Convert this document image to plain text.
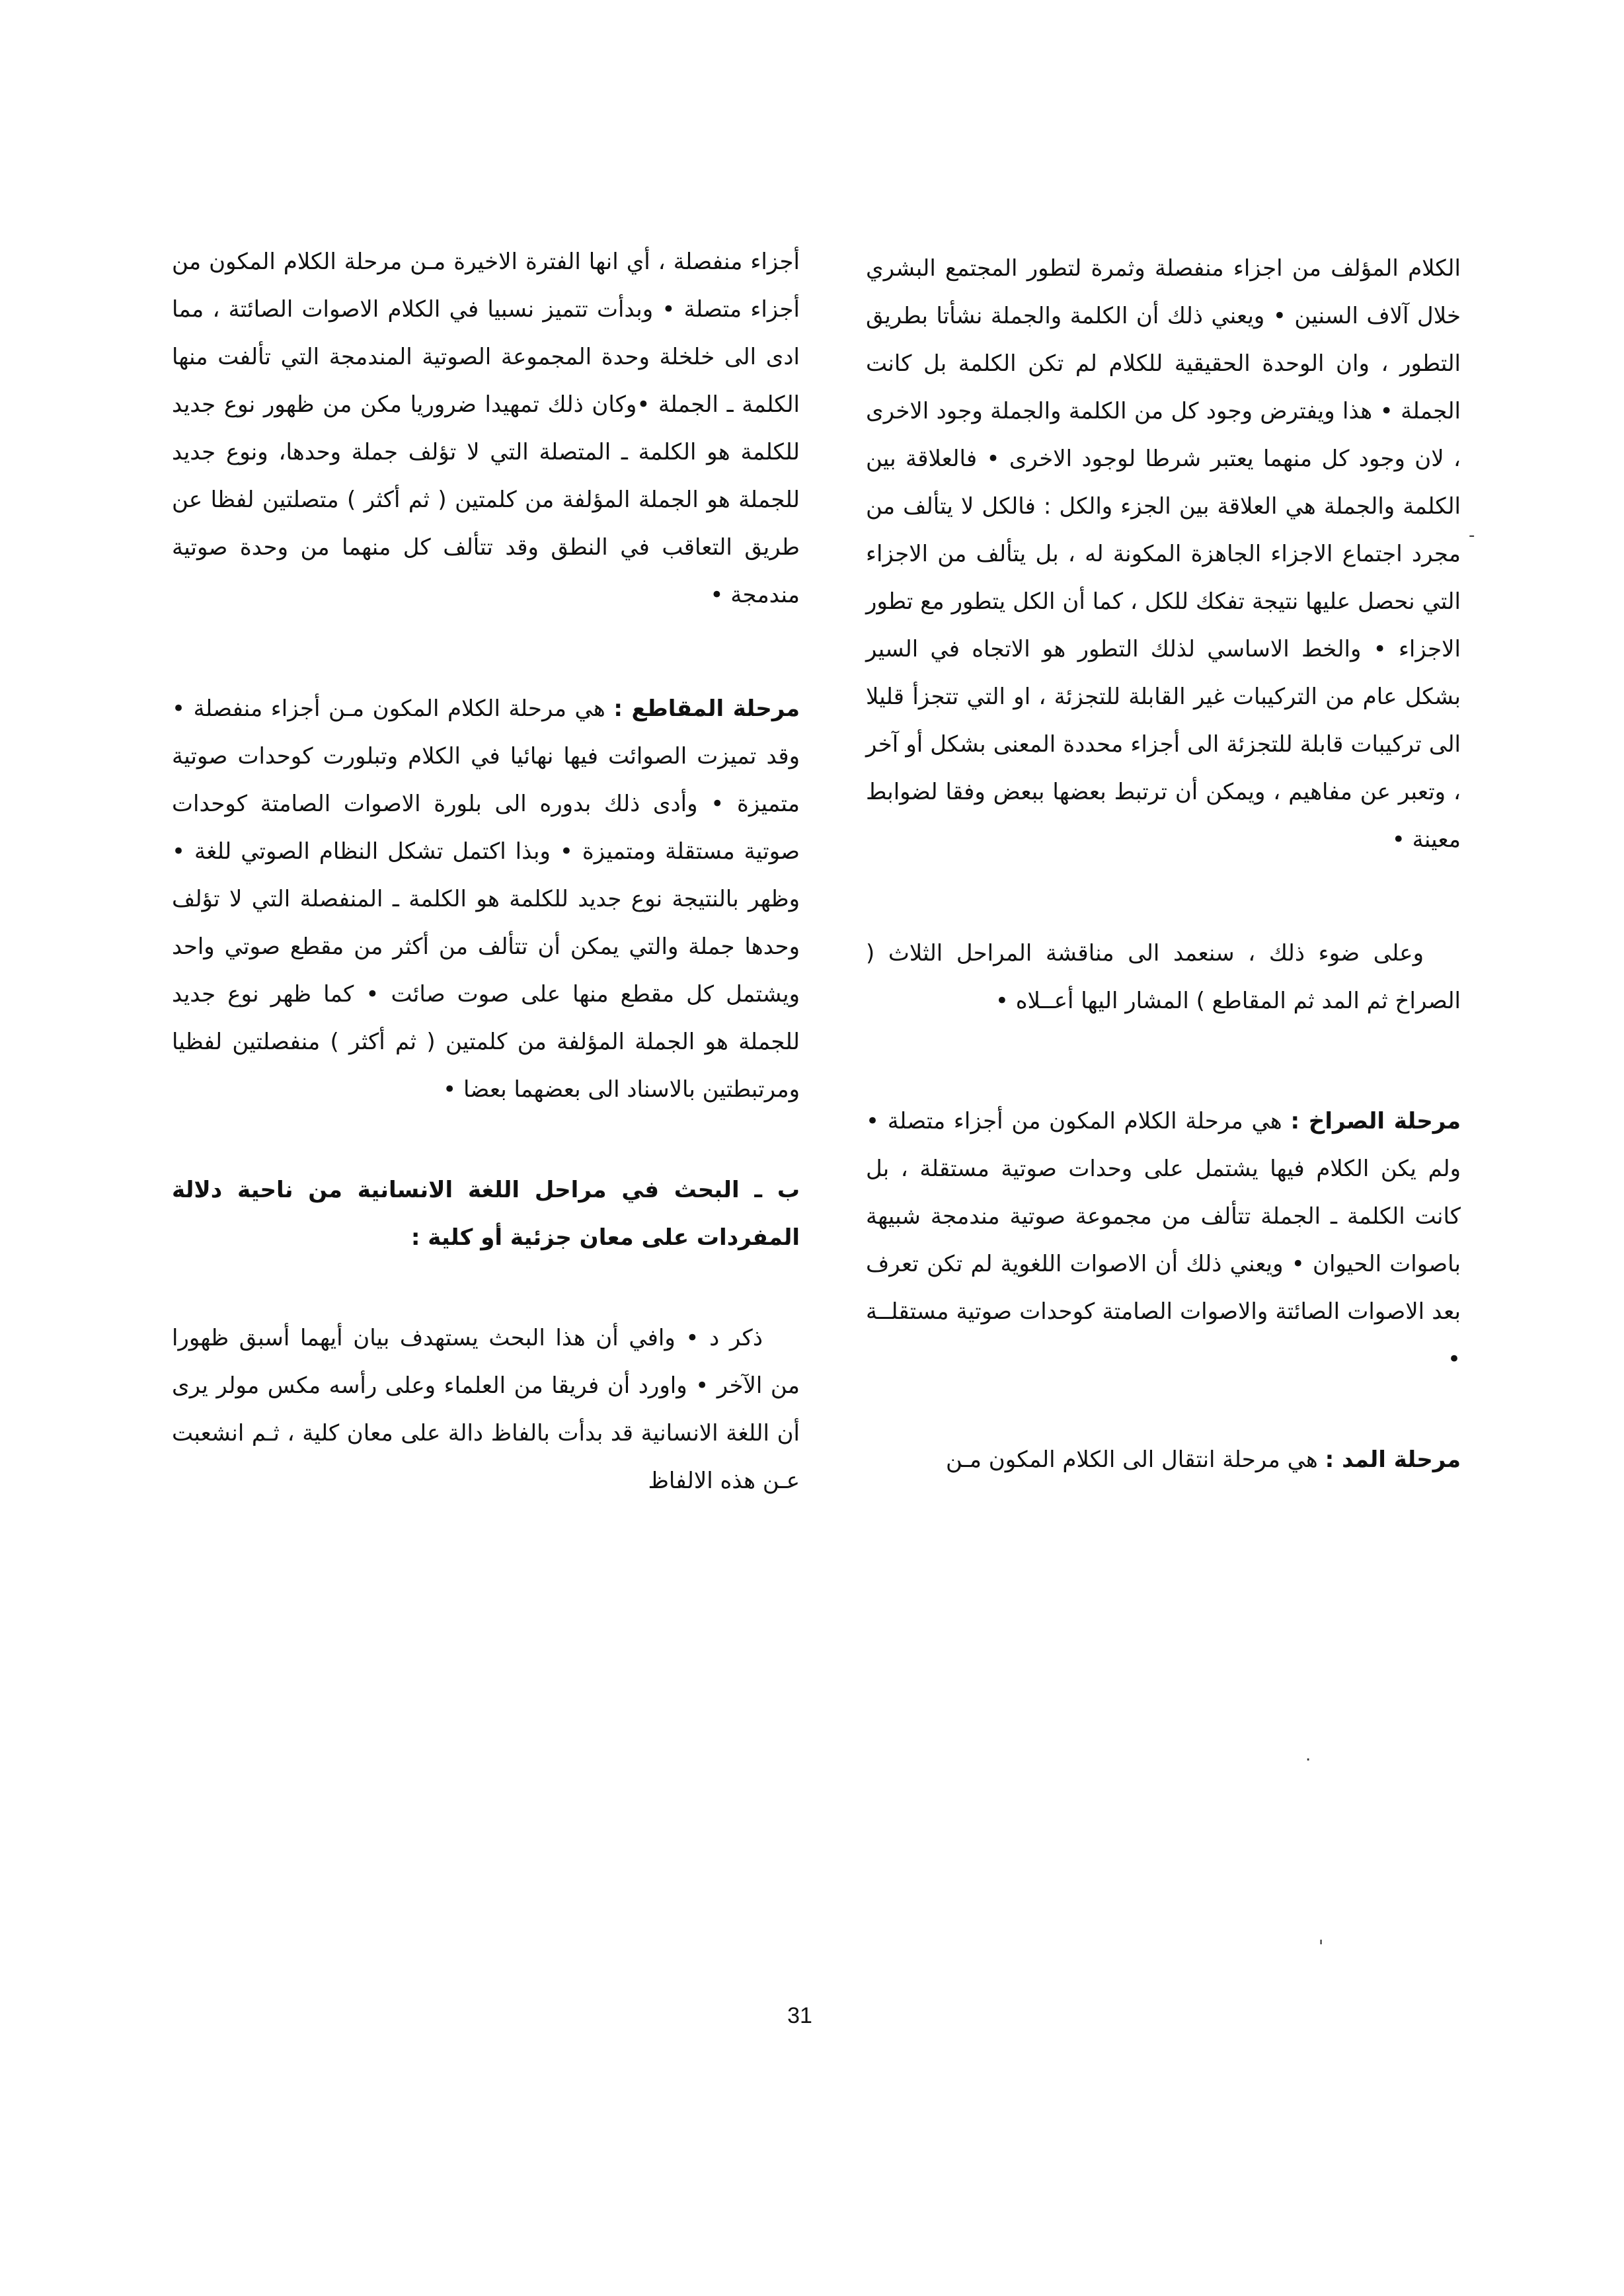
الكلام المؤلف من اجزاء منفصلة وثمرة لتطور المجتمع البشري خلال آلاف السنين • ويعني ذلك أن الكلمة والجملة نشأتا بطريق التطور ، وان الوحدة الحقيقية للكلام لم تكن الكلمة بل كانت الجملة • هذا ويفترض وجود كل من الكلمة والجملة وجود الاخرى ، لان وجود كل منهما يعتبر شرطا لوجود الاخرى • فالعلاقة بين الكلمة والجملة هي العلاقة بين الجزء والكل : فالكل لا يتألف من مجرد اجتماع الاجزاء الجاهزة المكونة له ، بل يتألف من الاجزاء التي نحصل عليها نتيجة تفكك للكل ، كما أن الكل يتطور مع تطور الاجزاء • والخط الاساسي لذلك التطور هو الاتجاه في السير بشكل عام من التركيبات غير القابلة للتجزئة ، او التي تتجزأ قليلا الى تركيبات قابلة للتجزئة الى أجزاء محددة المعنى بشكل أو آخر ، وتعبر عن مفاهيم ، ويمكن أن ترتبط بعضها ببعض وفقا لضوابط معينة •

وعلى ضوء ذلك ، سنعمد الى مناقشة المراحل الثلاث ( الصراخ ثم المد ثم المقاطع ) المشار اليها أعــلاه •

مرحلة الصراخ : هي مرحلة الكلام المكون من أجزاء متصلة • ولم يكن الكلام فيها يشتمل على وحدات صوتية مستقلة ، بل كانت الكلمة ـ الجملة تتألف من مجموعة صوتية مندمجة شبيهة باصوات الحيوان • ويعني ذلك أن الاصوات اللغوية لم تكن تعرف بعد الاصوات الصائتة والاصوات الصامتة كوحدات صوتية مستقلــة •

مرحلة المد : هي مرحلة انتقال الى الكلام المكون مـن

أجزاء منفصلة ، أي انها الفترة الاخيرة مـن مرحلة الكلام المكون من أجزاء متصلة • وبدأت تتميز نسبيا في الكلام الاصوات الصائتة ، مما ادى الى خلخلة وحدة المجموعة الصوتية المندمجة التي تألفت منها الكلمة ـ الجملة •وكان ذلك تمهيدا ضروريا مكن من ظهور نوع جديد للكلمة هو الكلمة ـ المتصلة التي لا تؤلف جملة وحدها، ونوع جديد للجملة هو الجملة المؤلفة من كلمتين ( ثم أكثر ) متصلتين لفظا عن طريق التعاقب في النطق وقد تتألف كل منهما من وحدة صوتية مندمجة •

مرحلة المقاطع : هي مرحلة الكلام المكون مـن أجزاء منفصلة • وقد تميزت الصوائت فيها نهائيا في الكلام وتبلورت كوحدات صوتية متميزة • وأدى ذلك بدوره الى بلورة الاصوات الصامتة كوحدات صوتية مستقلة ومتميزة • وبذا اكتمل تشكل النظام الصوتي للغة • وظهر بالنتيجة نوع جديد للكلمة هو الكلمة ـ المنفصلة التي لا تؤلف وحدها جملة والتي يمكن أن تتألف من أكثر من مقطع صوتي واحد ويشتمل كل مقطع منها على صوت صائت • كما ظهر نوع جديد للجملة هو الجملة المؤلفة من كلمتين ( ثم أكثر ) منفصلتين لفظيا ومرتبطتين بالاسناد الى بعضهما بعضا •

ب ـ البحث في مراحل اللغة الانسانية من ناحية دلالة المفردات على معان جزئية أو كلية :

ذكر د • وافي أن هذا البحث يستهدف بيان أيهما أسبق ظهورا من الآخر • واورد أن فريقا من العلماء وعلى رأسه مكس مولر يرى أن اللغة الانسانية قد بدأت بالفاظ دالة على معان كلية ، ثـم انشعبت عـن هذه الالفاظ

-
.
'
31
